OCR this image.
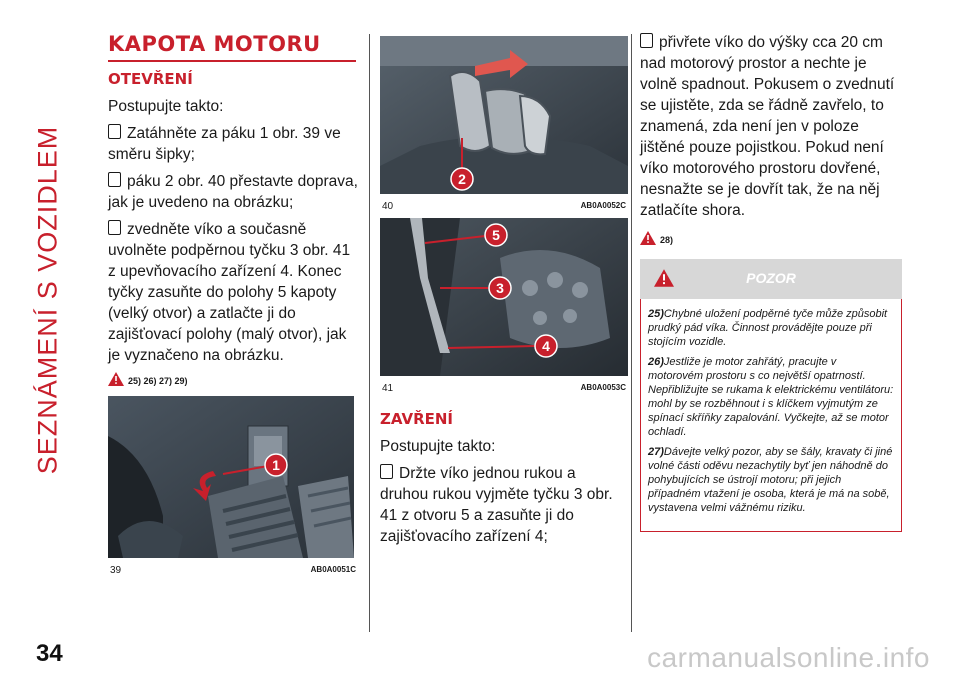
SEZNÁMENÍ S VOZIDLEM
KAPOTA MOTORU
OTEVŘENÍ

Postupujte takto:

Zatáhněte za páku 1 obr. 39 ve směru šipky;

páku 2 obr. 40 přestavte doprava, jak je uvedeno na obrázku;

zvedněte víko a současně uvolněte podpěrnou tyčku 3 obr. 41 z upevňovacího zařízení 4. Konec tyčky zasuňte do polohy 5 kapoty (velký otvor) a zatlačte ji do zajišťovací polohy (malý otvor), jak je vyznačeno na obrázku.

25) 26) 27) 29)
1
39	AB0A0051C
2
40	AB0A0052C
5
3
4
41	AB0A0053C
ZAVŘENÍ

Postupujte takto:

Držte víko jednou rukou a druhou rukou vyjměte tyčku 3 obr. 41 z otvoru 5 a zasuňte ji do zajišťovacího zařízení 4;

přivřete víko do výšky cca 20 cm nad motorový prostor a nechte je volně spadnout. Pokusem o zvednutí se ujistěte, zda se řádně zavřelo, to znamená, zda není jen v poloze jištěné pouze pojistkou. Pokud není víko motorového prostoru dovřené, nesnažte se je dovřít tak, že na něj zatlačíte shora.

28)
POZOR
25)Chybné uložení podpěrné tyče může způsobit prudký pád víka. Činnost provádějte pouze při stojícím vozidle.
26)Jestliže je motor zahřátý, pracujte v motorovém prostoru s co největší opatrností. Nepřibližujte se rukama k elektrickému ventilátoru: mohl by se rozběhnout i s klíčkem vyjmutým ze spínací skříňky zapalování. Vyčkejte, až se motor ochladí.
27)Dávejte velký pozor, aby se šály, kravaty či jiné volné části oděvu nezachytily byť jen náhodně do pohybujících se ústrojí motoru; při jejich případném vtažení je osoba, která je má na sobě, vystavena velmi vážnému riziku.
34	carmanualsonline.info
